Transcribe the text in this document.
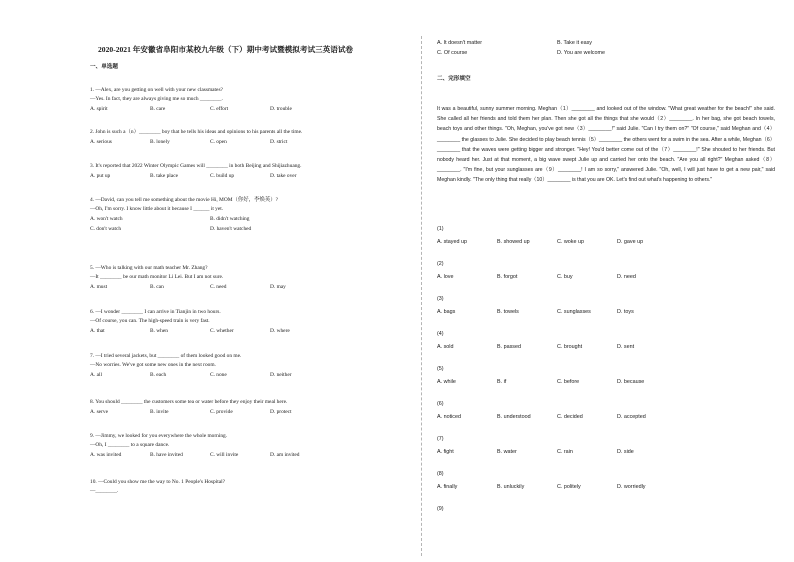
2020-2021 年安徽省阜阳市某校九年级（下）期中考试暨模拟考试三英语试卷
一、单选题
1. —Alex, are you getting on well with your new classmates?
—Yes. In fact, they are always giving me so much ________.
A. spirit	B. care	C. effort	D. trouble
2. John is such a（n）________ boy that he tells his ideas and opinions to his parents all the time.
A. serious	B. lonely	C. open	D. strict
3. It's reported that 2022 Winter Olympic Games will ________ in both Beijing and Shijiazhuang.
A. put up	B. take place	C. build up	D. take over
4. —David, can you tell me something about the movie Hi, MOM（你好，李焕英）?
—Oh, I'm sorry. I know little about it because I ______ it yet.
A. won't watch	B. didn't watching
C. don't watch	D. haven't watched
5. —Who is talking with our math teacher Mr. Zhang?
—It ________ be our math monitor Li Lei. But I am not sure.
A. must	B. can	C. need	D. may
6. —I wonder ________ I can arrive in Tianjin in two hours.
—Of course, you can. The high-speed train is very fast.
A. that	B. when	C. whether	D. where
7. —I tried several jackets, but ________ of them looked good on me.
—No worries. We've got some new ones in the next room.
A. all	B. each	C. none	D. neither
8. You should ________ the customers some tea or water before they enjoy their meal here.
A. serve	B. invite	C. provide	D. protect
9. —Jimmy, we looked for you everywhere the whole morning.
—Oh, I ________ to a square dance.
A. was invited	B. have invited	C. will invite	D. am invited
10. —Could you show me the way to No. 1 People's Hospital?
—________.
A. It doesn't matter	B. Take it easy
C. Of course	D. You are welcome
二、完形填空
It was a beautiful, sunny summer morning. Meghan（1）________ and looked out of the window. "What great weather for the beach!" she said. She called all her friends and told them her plan. Then she got all the things that she would（2）________. In her bag, she got beach towels, beach toys and other things. "Oh, Meghan, you've got new（3）________!" said Julie. "Can I try them on?" "Of course," said Meghan and（4）________ the glasses to Julie. She decided to play beach tennis（5）________ the others went for a swim in the sea. After a while, Meghan（6）________ that the waves were getting bigger and stronger. "Hey! You'd better come out of the（7）________!" She shouted to her friends. But nobody heard her. Just at that moment, a big wave swept Julie up and carried her onto the beach. "Are you all right?" Meghan asked（8）________. "I'm fine, but your sunglasses are（9）________! I am so sorry," answered Julie. "Oh, well, I will just have to get a new pair," said Meghan kindly. "The only thing that really（10）________ is that you are OK. Let's find out what's happening to others."
(1)
A. stayed up	B. showed up	C. woke up	D. gave up
(2)
A. love	B. forgot	C. buy	D. need
(3)
A. bags	B. towels	C. sunglasses	D. toys
(4)
A. sold	B. passed	C. brought	D. sent
(5)
A. while	B. if	C. before	D. because
(6)
A. noticed	B. understood	C. decided	D. accepted
(7)
A. fight	B. water	C. rain	D. side
(8)
A. finally	B. unluckily	C. politely	D. worriedly
(9)
